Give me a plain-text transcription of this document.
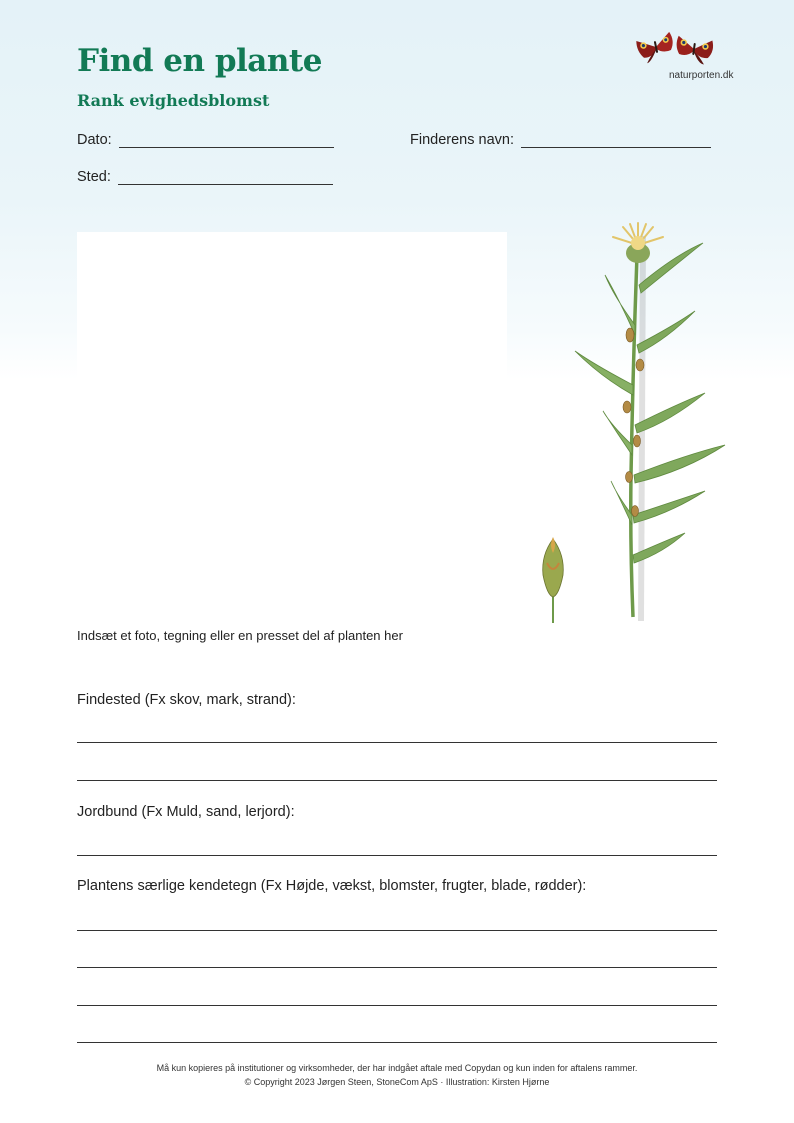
Find en plante
Rank evighedsblomst
naturporten.dk
Dato:	Finderens navn:
Sted:
Indsæt et foto, tegning eller en presset del af planten her
Findested (Fx skov, mark, strand):
Jordbund (Fx Muld, sand, lerjord):
Plantens særlige kendetegn (Fx Højde, vækst, blomster, frugter, blade, rødder):
Må kun kopieres på institutioner og virksomheder, der har indgået aftale med Copydan og kun inden for aftalens rammer.
© Copyright 2023 Jørgen Steen, StoneCom ApS · Illustration: Kirsten Hjørne
